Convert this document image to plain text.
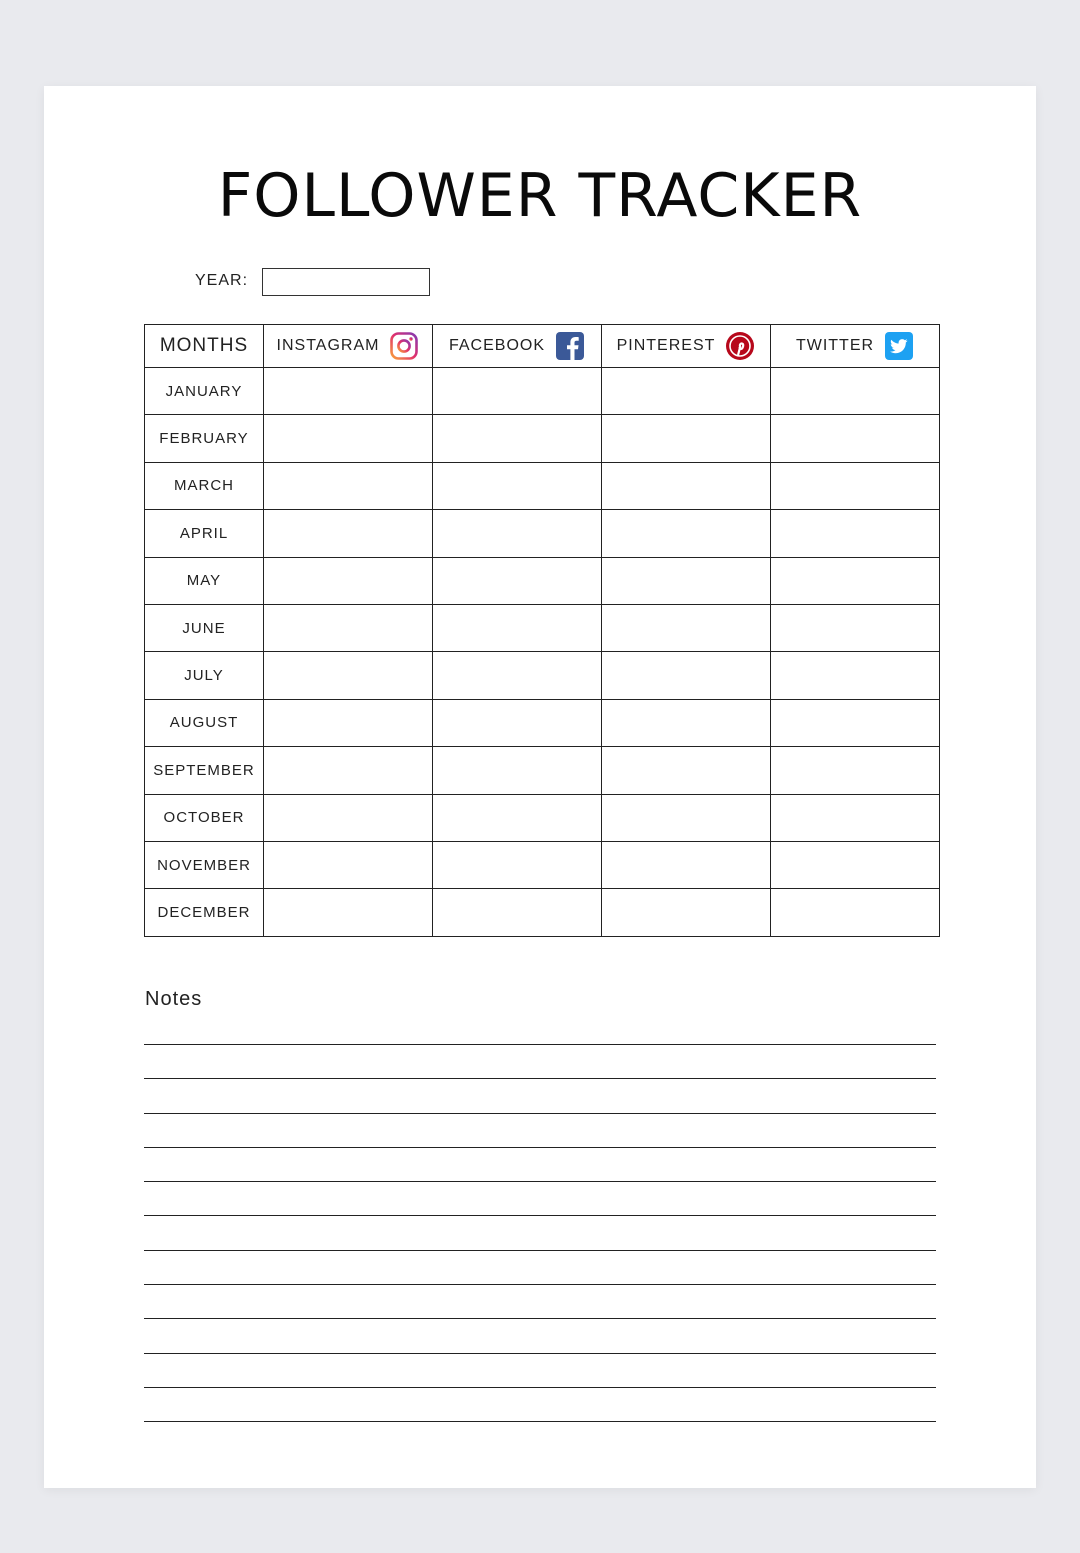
FOLLOWER TRACKER
YEAR:
MONTHS	INSTAGRAM	FACEBOOK	PINTEREST	TWITTER

JANUARY				
FEBRUARY				
MARCH				
APRIL				
MAY				
JUNE				
JULY				
AUGUST				
SEPTEMBER				
OCTOBER				
NOVEMBER				
DECEMBER				
Notes
